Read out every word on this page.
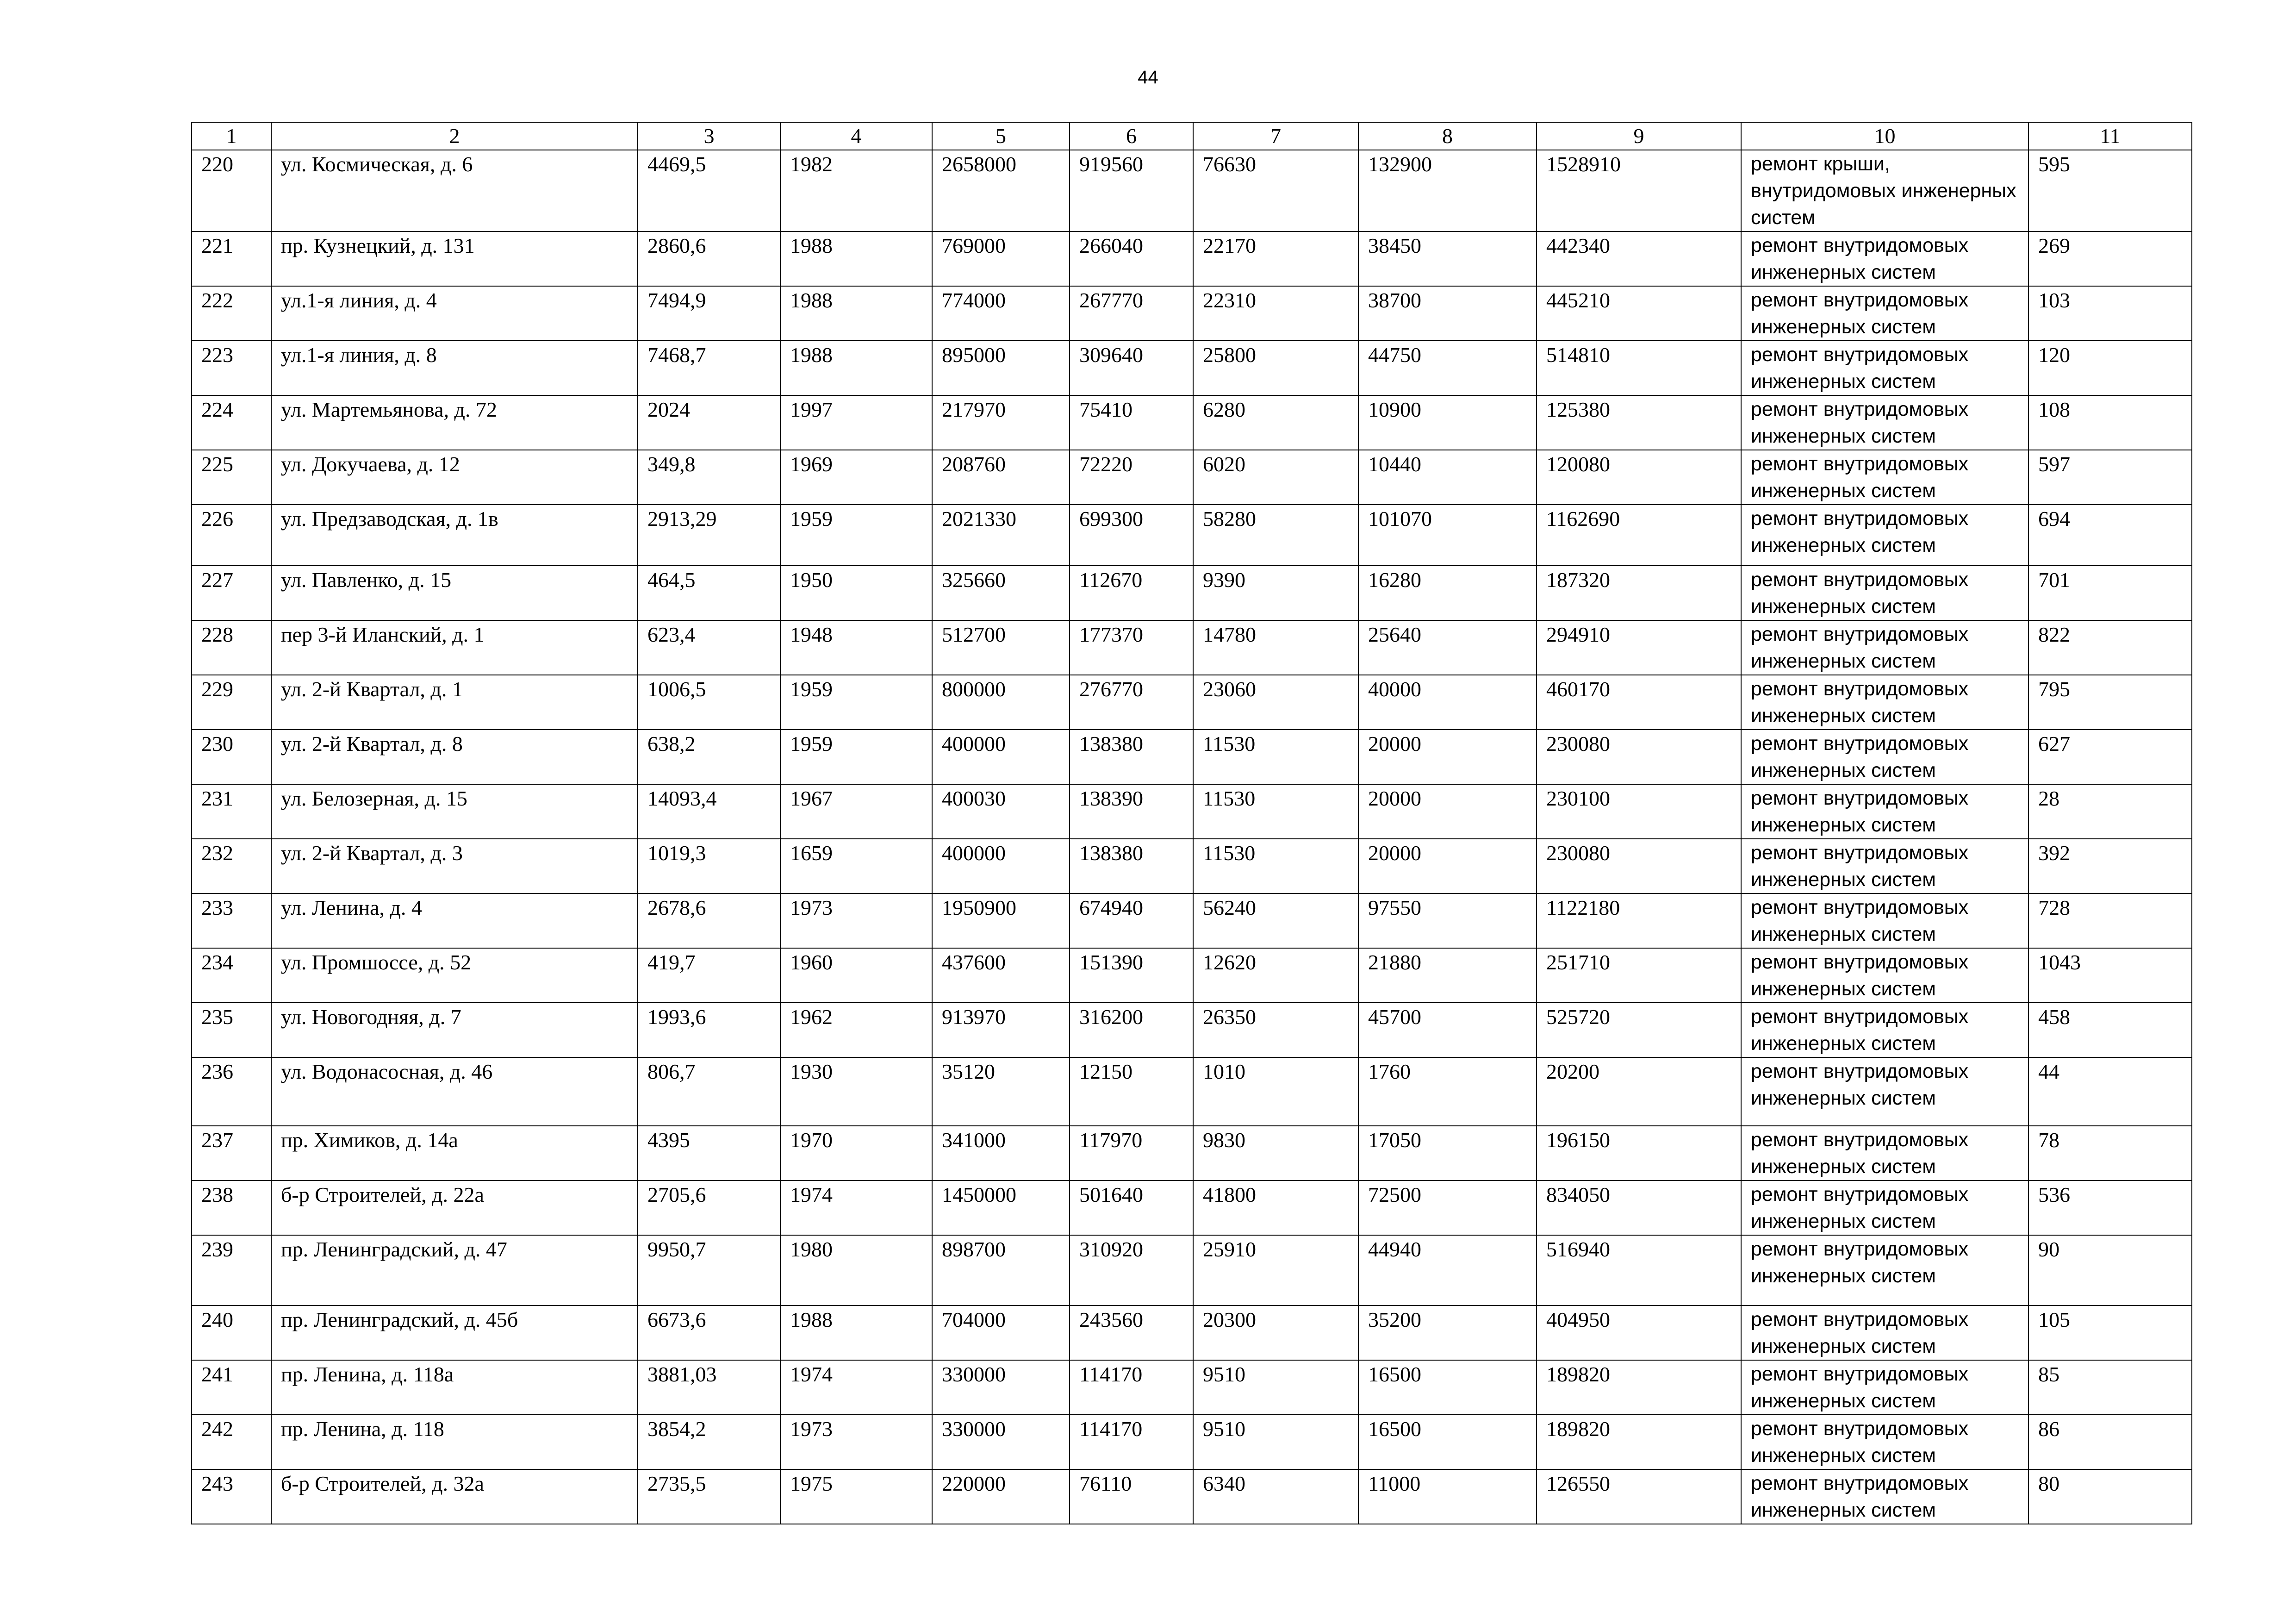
44
1	2	3	4	5	6	7	8	9	10	11
220	ул. Космическая, д. 6	4469,5	1982	2658000	919560	76630	132900	1528910	ремонт крыши, внутридомовых инженерных систем	595
221	пр. Кузнецкий, д. 131	2860,6	1988	769000	266040	22170	38450	442340	ремонт внутридомовых инженерных систем	269
222	ул.1-я линия, д. 4	7494,9	1988	774000	267770	22310	38700	445210	ремонт внутридомовых инженерных систем	103
223	ул.1-я линия, д. 8	7468,7	1988	895000	309640	25800	44750	514810	ремонт внутридомовых инженерных систем	120
224	ул. Мартемьянова, д. 72	2024	1997	217970	75410	6280	10900	125380	ремонт внутридомовых инженерных систем	108
225	ул. Докучаева, д. 12	349,8	1969	208760	72220	6020	10440	120080	ремонт внутридомовых инженерных систем	597
226	ул. Предзаводская, д. 1в	2913,29	1959	2021330	699300	58280	101070	1162690	ремонт внутридомовых инженерных систем	694
227	ул. Павленко, д. 15	464,5	1950	325660	112670	9390	16280	187320	ремонт внутридомовых инженерных систем	701
228	пер 3-й Иланский, д. 1	623,4	1948	512700	177370	14780	25640	294910	ремонт внутридомовых инженерных систем	822
229	ул. 2-й Квартал, д. 1	1006,5	1959	800000	276770	23060	40000	460170	ремонт внутридомовых инженерных систем	795
230	ул. 2-й Квартал, д. 8	638,2	1959	400000	138380	11530	20000	230080	ремонт внутридомовых инженерных систем	627
231	ул. Белозерная, д. 15	14093,4	1967	400030	138390	11530	20000	230100	ремонт внутридомовых инженерных систем	28
232	ул. 2-й Квартал, д. 3	1019,3	1659	400000	138380	11530	20000	230080	ремонт внутридомовых инженерных систем	392
233	ул. Ленина, д. 4	2678,6	1973	1950900	674940	56240	97550	1122180	ремонт внутридомовых инженерных систем	728
234	ул. Промшоссе, д. 52	419,7	1960	437600	151390	12620	21880	251710	ремонт внутридомовых инженерных систем	1043
235	ул. Новогодняя, д. 7	1993,6	1962	913970	316200	26350	45700	525720	ремонт внутридомовых инженерных систем	458
236	ул. Водонасосная, д. 46	806,7	1930	35120	12150	1010	1760	20200	ремонт внутридомовых инженерных систем	44
237	пр. Химиков, д. 14а	4395	1970	341000	117970	9830	17050	196150	ремонт внутридомовых инженерных систем	78
238	б-р Строителей, д. 22а	2705,6	1974	1450000	501640	41800	72500	834050	ремонт внутридомовых инженерных систем	536
239	пр. Ленинградский, д. 47	9950,7	1980	898700	310920	25910	44940	516940	ремонт внутридомовых инженерных систем	90
240	пр. Ленинградский, д. 45б	6673,6	1988	704000	243560	20300	35200	404950	ремонт внутридомовых инженерных систем	105
241	пр. Ленина, д. 118а	3881,03	1974	330000	114170	9510	16500	189820	ремонт внутридомовых инженерных систем	85
242	пр. Ленина, д. 118	3854,2	1973	330000	114170	9510	16500	189820	ремонт внутридомовых инженерных систем	86
243	б-р Строителей, д. 32а	2735,5	1975	220000	76110	6340	11000	126550	ремонт внутридомовых инженерных систем	80
